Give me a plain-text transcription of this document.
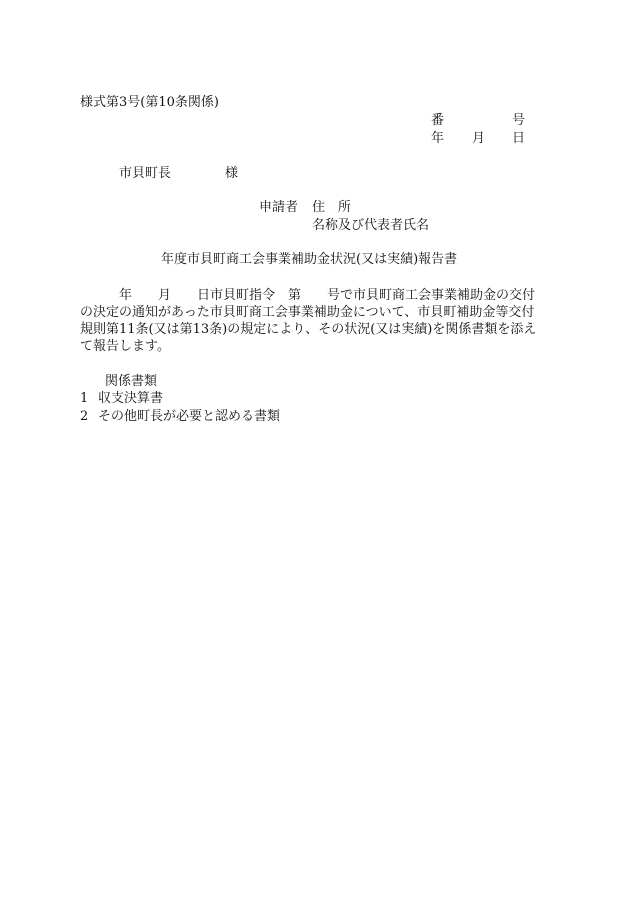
様式第3号(第10条関係)
番	号
年 月 日
市貝町長	様
申請者 住　所
名称及び代表者氏名
年度市貝町商工会事業補助金状況(又は実績)報告書
　　　年　　月　　日市貝町指令　第　　号で市貝町商工会事業補助金の交付
の決定の通知があった市貝町商工会事業補助金について、市貝町補助金等交付
規則第11条(又は第13条)の規定により、その状況(又は実績)を関係書類を添え
て報告します。
関係書類
1 収支決算書
2 その他町長が必要と認める書類
